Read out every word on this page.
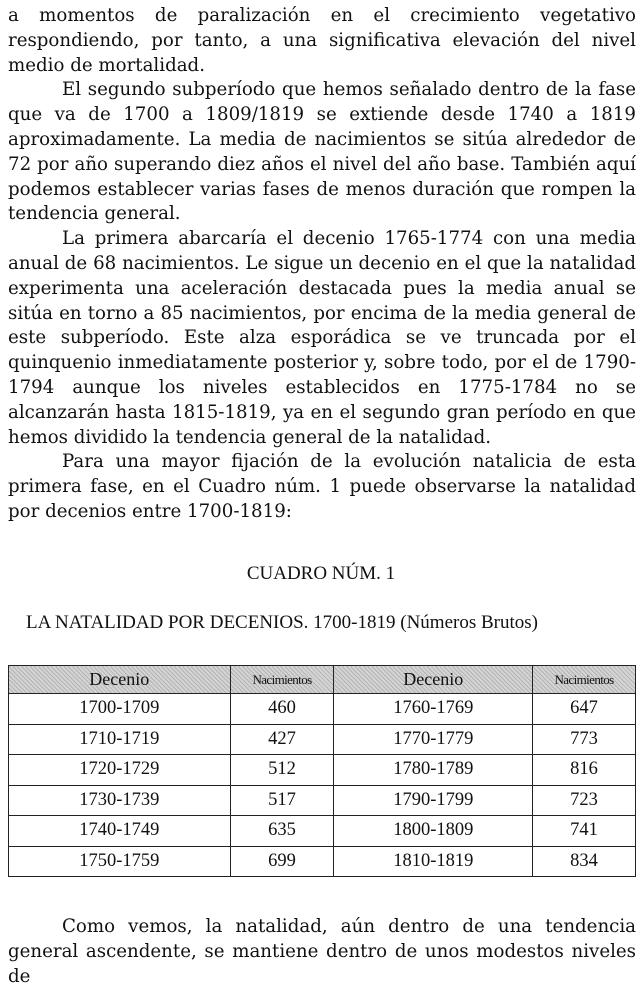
a momentos de paralización en el crecimiento vegetativo respondiendo, por tanto, a una significativa elevación del nivel medio de mortalidad.

El segundo subperíodo que hemos señalado dentro de la fase que va de 1700 a 1809/1819 se extiende desde 1740 a 1819 aproximadamente. La media de nacimientos se sitúa alrededor de 72 por año superando diez años el nivel del año base. También aquí podemos establecer varias fases de menos duración que rompen la tendencia general.

La primera abarcaría el decenio 1765-1774 con una media anual de 68 nacimientos. Le sigue un decenio en el que la natalidad experimenta una aceleración destacada pues la media anual se sitúa en torno a 85 nacimientos, por encima de la media general de este subperíodo. Este alza esporádica se ve truncada por el quinquenio inmediatamente posterior y, sobre todo, por el de 1790-1794 aunque los niveles establecidos en 1775-1784 no se alcanzarán hasta 1815-1819, ya en el segundo gran período en que hemos dividido la tendencia general de la natalidad.

Para una mayor fijación de la evolución natalicia de esta primera fase, en el Cuadro núm. 1 puede observarse la natalidad por decenios entre 1700-1819:

CUADRO NÚM. 1
LA NATALIDAD POR DECENIOS. 1700-1819 (Números Brutos)
Decenio	Nacimientos	Decenio	Nacimientos
1700-1709	460	1760-1769	647
1710-1719	427	1770-1779	773
1720-1729	512	1780-1789	816
1730-1739	517	1790-1799	723
1740-1749	635	1800-1809	741
1750-1759	699	1810-1819	834

Como vemos, la natalidad, aún dentro de una tendencia general ascendente, se mantiene dentro de unos modestos niveles de
